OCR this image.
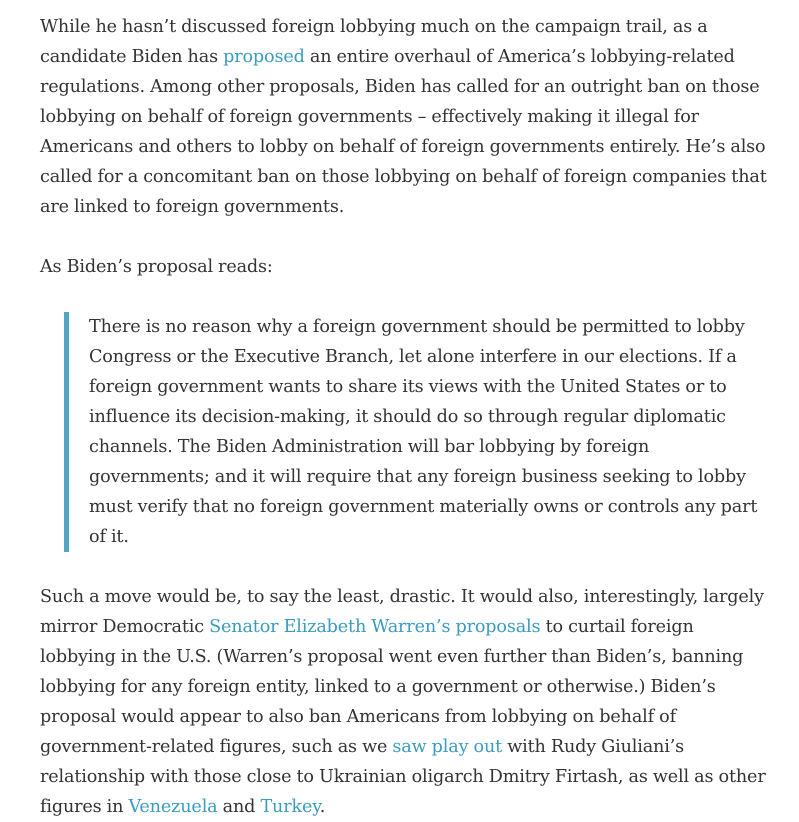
While he hasn’t discussed foreign lobbying much on the campaign trail, as a candidate Biden has proposed an entire overhaul of America’s lobbying-related regulations. Among other proposals, Biden has called for an outright ban on those lobbying on behalf of foreign governments – effectively making it illegal for Americans and others to lobby on behalf of foreign governments entirely. He’s also called for a concomitant ban on those lobbying on behalf of foreign companies that are linked to foreign governments.

As Biden’s proposal reads:

There is no reason why a foreign government should be permitted to lobby Congress or the Executive Branch, let alone interfere in our elections. If a foreign government wants to share its views with the United States or to influence its decision-making, it should do so through regular diplomatic channels. The Biden Administration will bar lobbying by foreign governments; and it will require that any foreign business seeking to lobby must verify that no foreign government materially owns or controls any part of it.

Such a move would be, to say the least, drastic. It would also, interestingly, largely mirror Democratic Senator Elizabeth Warren’s proposals to curtail foreign lobbying in the U.S. (Warren’s proposal went even further than Biden’s, banning lobbying for any foreign entity, linked to a government or otherwise.) Biden’s proposal would appear to also ban Americans from lobbying on behalf of government-related figures, such as we saw play out with Rudy Giuliani’s relationship with those close to Ukrainian oligarch Dmitry Firtash, as well as other figures in Venezuela and Turkey.
